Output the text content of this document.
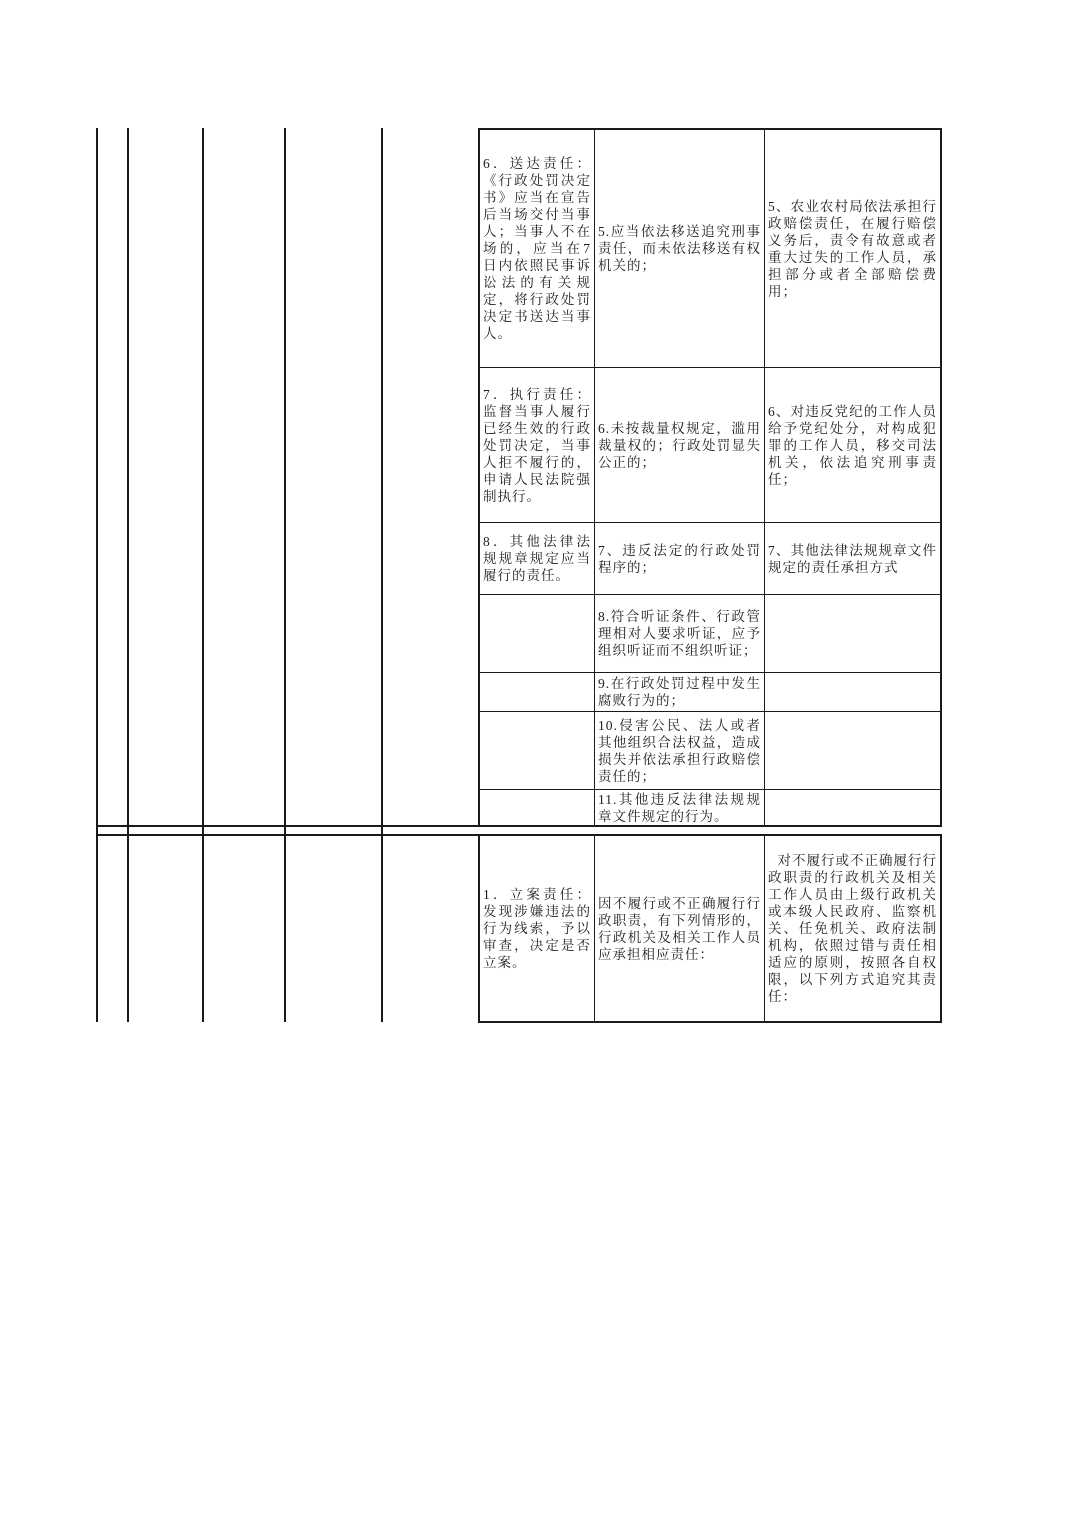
6．送达责任：《行政处罚决定书》应当在宣告后当场交付当事人；当事人不在场的，应当在7日内依照民事诉讼法的有关规定，将行政处罚决定书送达当事人。

5.应当依法移送追究刑事责任，而未依法移送有权机关的；

5、农业农村局依法承担行政赔偿责任，在履行赔偿义务后，责令有故意或者重大过失的工作人员，承担部分或者全部赔偿费用；

7．执行责任：监督当事人履行已经生效的行政处罚决定，当事人拒不履行的，申请人民法院强制执行。

6.未按裁量权规定，滥用裁量权的；行政处罚显失公正的；

6、对违反党纪的工作人员给予党纪处分，对构成犯罪的工作人员，移交司法机关，依法追究刑事责任；

8．其他法律法规规章规定应当履行的责任。

7、违反法定的行政处罚程序的；

7、其他法律法规规章文件规定的责任承担方式

8.符合听证条件、行政管理相对人要求听证，应予组织听证而不组织听证；

9.在行政处罚过程中发生腐败行为的；

10.侵害公民、法人或者其他组织合法权益，造成损失并依法承担行政赔偿责任的；

11.其他违反法律法规规章文件规定的行为。

1．立案责任：发现涉嫌违法的行为线索，予以审查，决定是否立案。

因不履行或不正确履行行政职责，有下列情形的，行政机关及相关工作人员应承担相应责任：

对不履行或不正确履行行政职责的行政机关及相关工作人员由上级行政机关或本级人民政府、监察机关、任免机关、政府法制机构，依照过错与责任相适应的原则，按照各自权限，以下列方式追究其责任：
